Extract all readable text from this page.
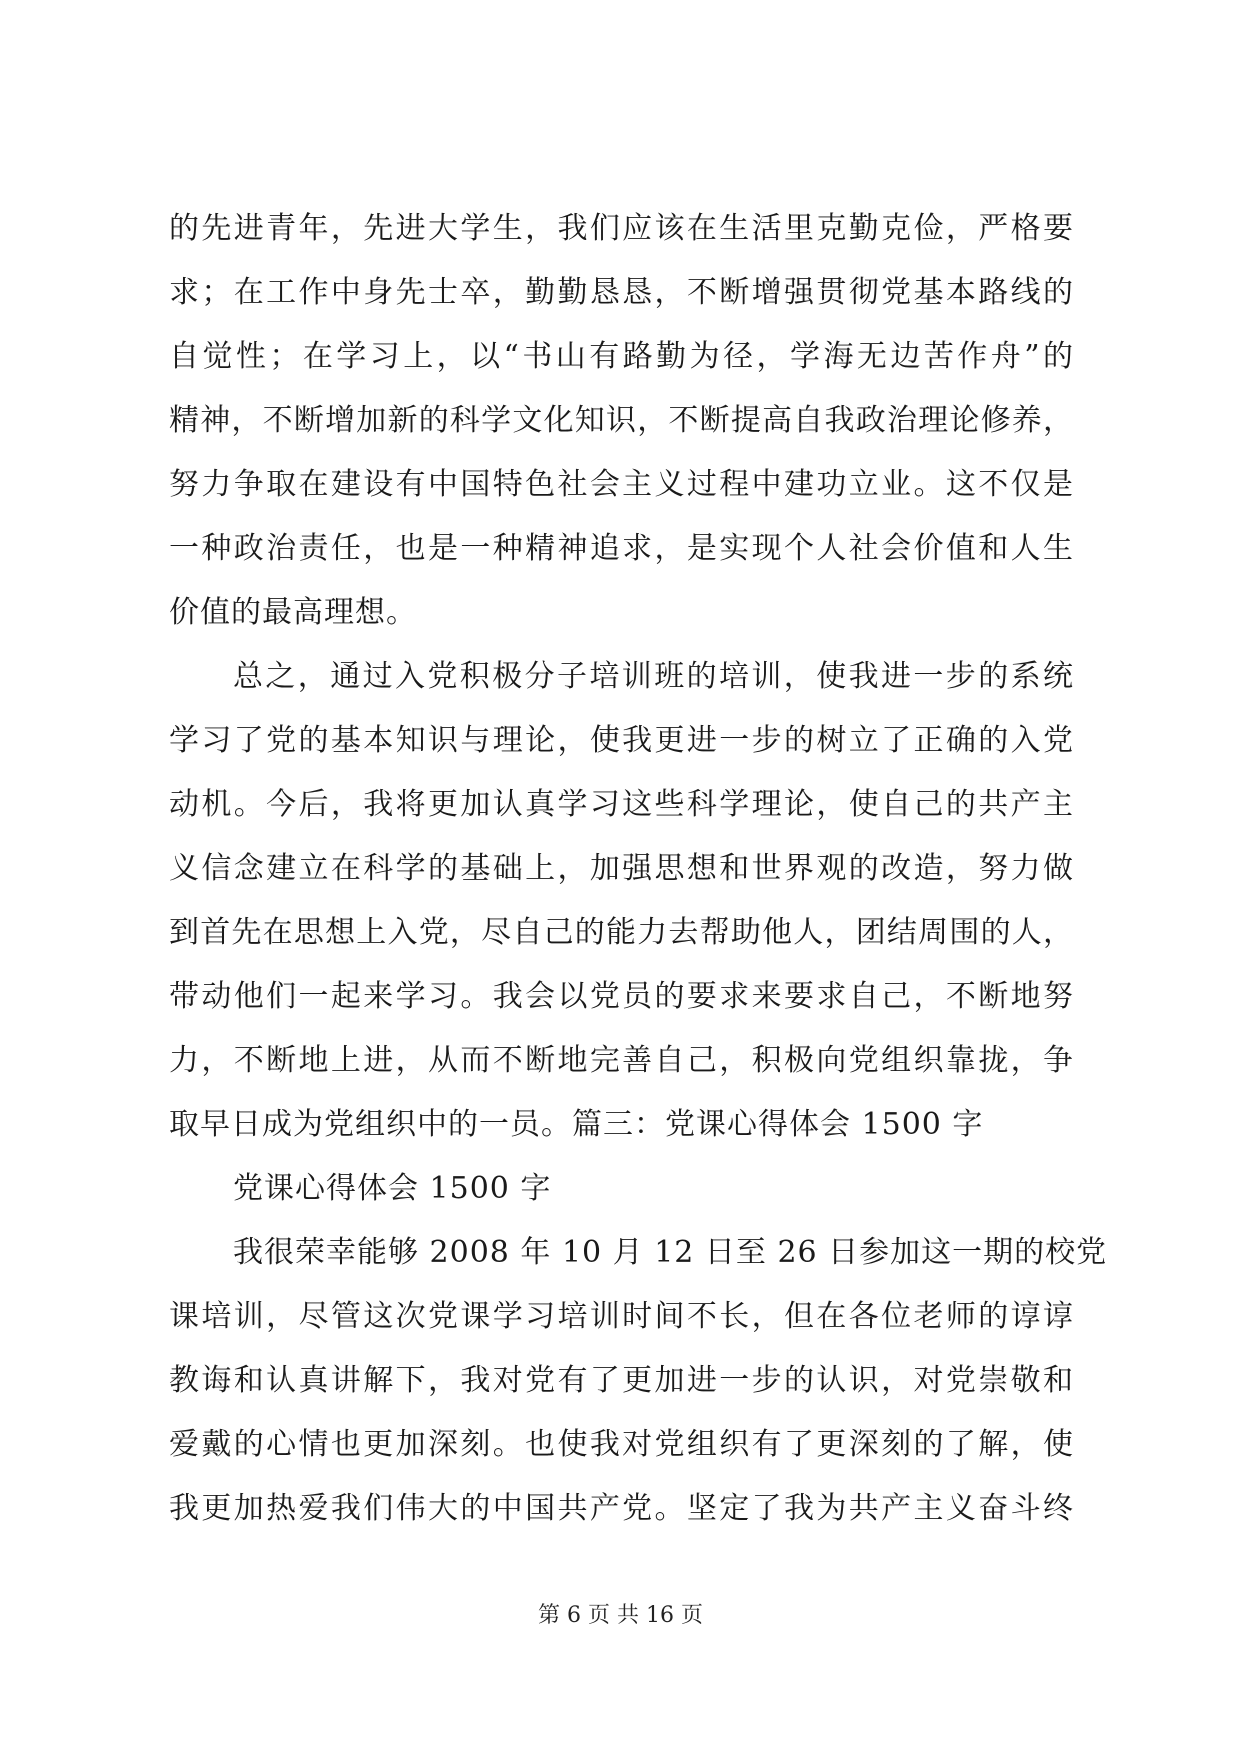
的先进青年，先进大学生，我们应该在生活里克勤克俭，严格要
求；在工作中身先士卒，勤勤恳恳，不断增强贯彻党基本路线的
自觉性；在学习上，以“书山有路勤为径，学海无边苦作舟”的
精神，不断增加新的科学文化知识，不断提高自我政治理论修养，
努力争取在建设有中国特色社会主义过程中建功立业。这不仅是
一种政治责任，也是一种精神追求，是实现个人社会价值和人生
价值的最高理想。
总之，通过入党积极分子培训班的培训，使我进一步的系统
学习了党的基本知识与理论，使我更进一步的树立了正确的入党
动机。今后，我将更加认真学习这些科学理论，使自己的共产主
义信念建立在科学的基础上，加强思想和世界观的改造，努力做
到首先在思想上入党，尽自己的能力去帮助他人，团结周围的人，
带动他们一起来学习。我会以党员的要求来要求自己，不断地努
力，不断地上进，从而不断地完善自己，积极向党组织靠拢，争
取早日成为党组织中的一员。篇三：党课心得体会 1500 字
党课心得体会 1500 字
我很荣幸能够 2008 年 10 月 12 日至 26 日参加这一期的校党
课培训，尽管这次党课学习培训时间不长，但在各位老师的谆谆
教诲和认真讲解下，我对党有了更加进一步的认识，对党崇敬和
爱戴的心情也更加深刻。也使我对党组织有了更深刻的了解，使
我更加热爱我们伟大的中国共产党。坚定了我为共产主义奋斗终
第 6 页 共 16 页
